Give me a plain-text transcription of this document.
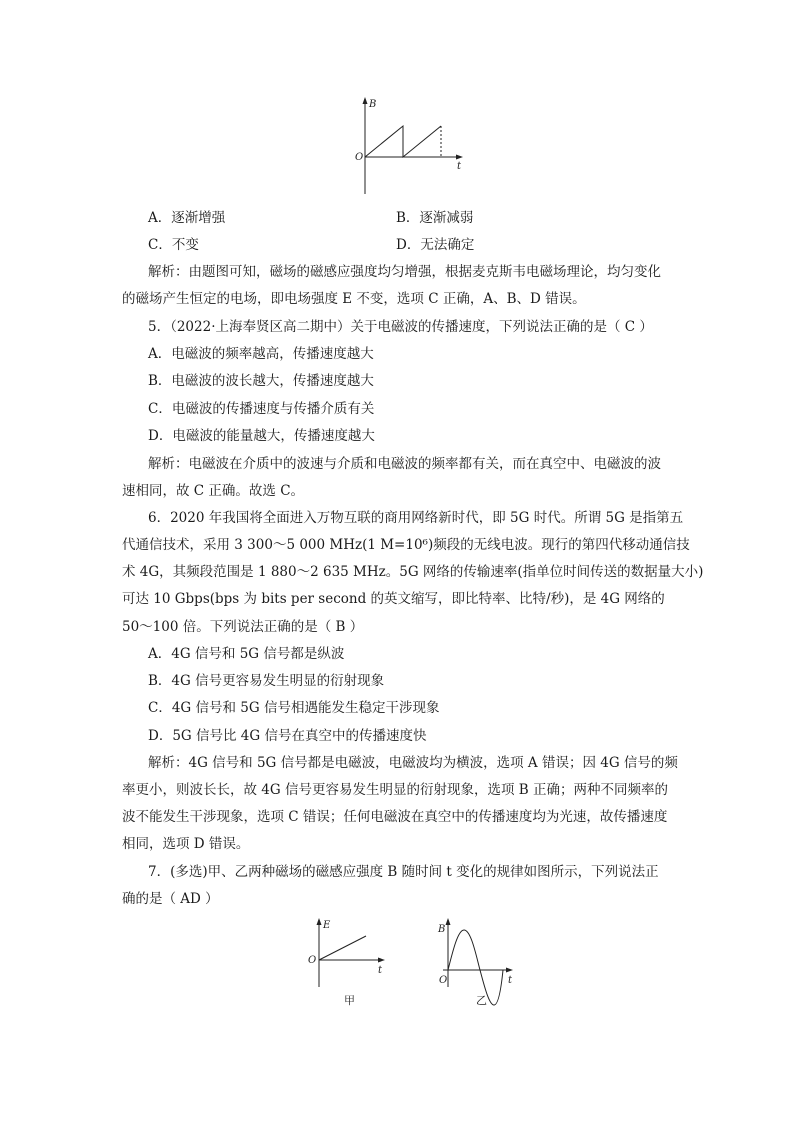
B
t
O
A．逐渐增强	B．逐渐减弱
C．不变	D．无法确定
解析：由题图可知，磁场的磁感应强度均匀增强，根据麦克斯韦电磁场理论，均匀变化
的磁场产生恒定的电场，即电场强度 E 不变，选项 C 正确，A、B、D 错误。
5．（2022·上海奉贤区高二期中）关于电磁波的传播速度，下列说法正确的是（ C ）
A．电磁波的频率越高，传播速度越大
B．电磁波的波长越大，传播速度越大
C．电磁波的传播速度与传播介质有关
D．电磁波的能量越大，传播速度越大
解析：电磁波在介质中的波速与介质和电磁波的频率都有关，而在真空中、电磁波的波
速相同，故 C 正确。故选 C。
6．2020 年我国将全面进入万物互联的商用网络新时代，即 5G 时代。所谓 5G 是指第五
代通信技术，采用 3 300～5 000 MHz(1 M=10⁶)频段的无线电波。现行的第四代移动通信技
术 4G，其频段范围是 1 880～2 635 MHz。5G 网络的传输速率(指单位时间传送的数据量大小)
可达 10 Gbps(bps 为 bits per second 的英文缩写，即比特率、比特/秒)，是 4G 网络的
50～100 倍。下列说法正确的是（ B ）
A．4G 信号和 5G 信号都是纵波
B．4G 信号更容易发生明显的衍射现象
C．4G 信号和 5G 信号相遇能发生稳定干涉现象
D．5G 信号比 4G 信号在真空中的传播速度快
解析：4G 信号和 5G 信号都是电磁波，电磁波均为横波，选项 A 错误；因 4G 信号的频
率更小，则波长长，故 4G 信号更容易发生明显的衍射现象，选项 B 正确；两种不同频率的
波不能发生干涉现象，选项 C 错误；任何电磁波在真空中的传播速度均为光速，故传播速度
相同，选项 D 错误。
7．(多选)甲、乙两种磁场的磁感应强度 B 随时间 t 变化的规律如图所示，下列说法正
确的是（ AD ）
E
t
O
甲
B
t
O
乙
